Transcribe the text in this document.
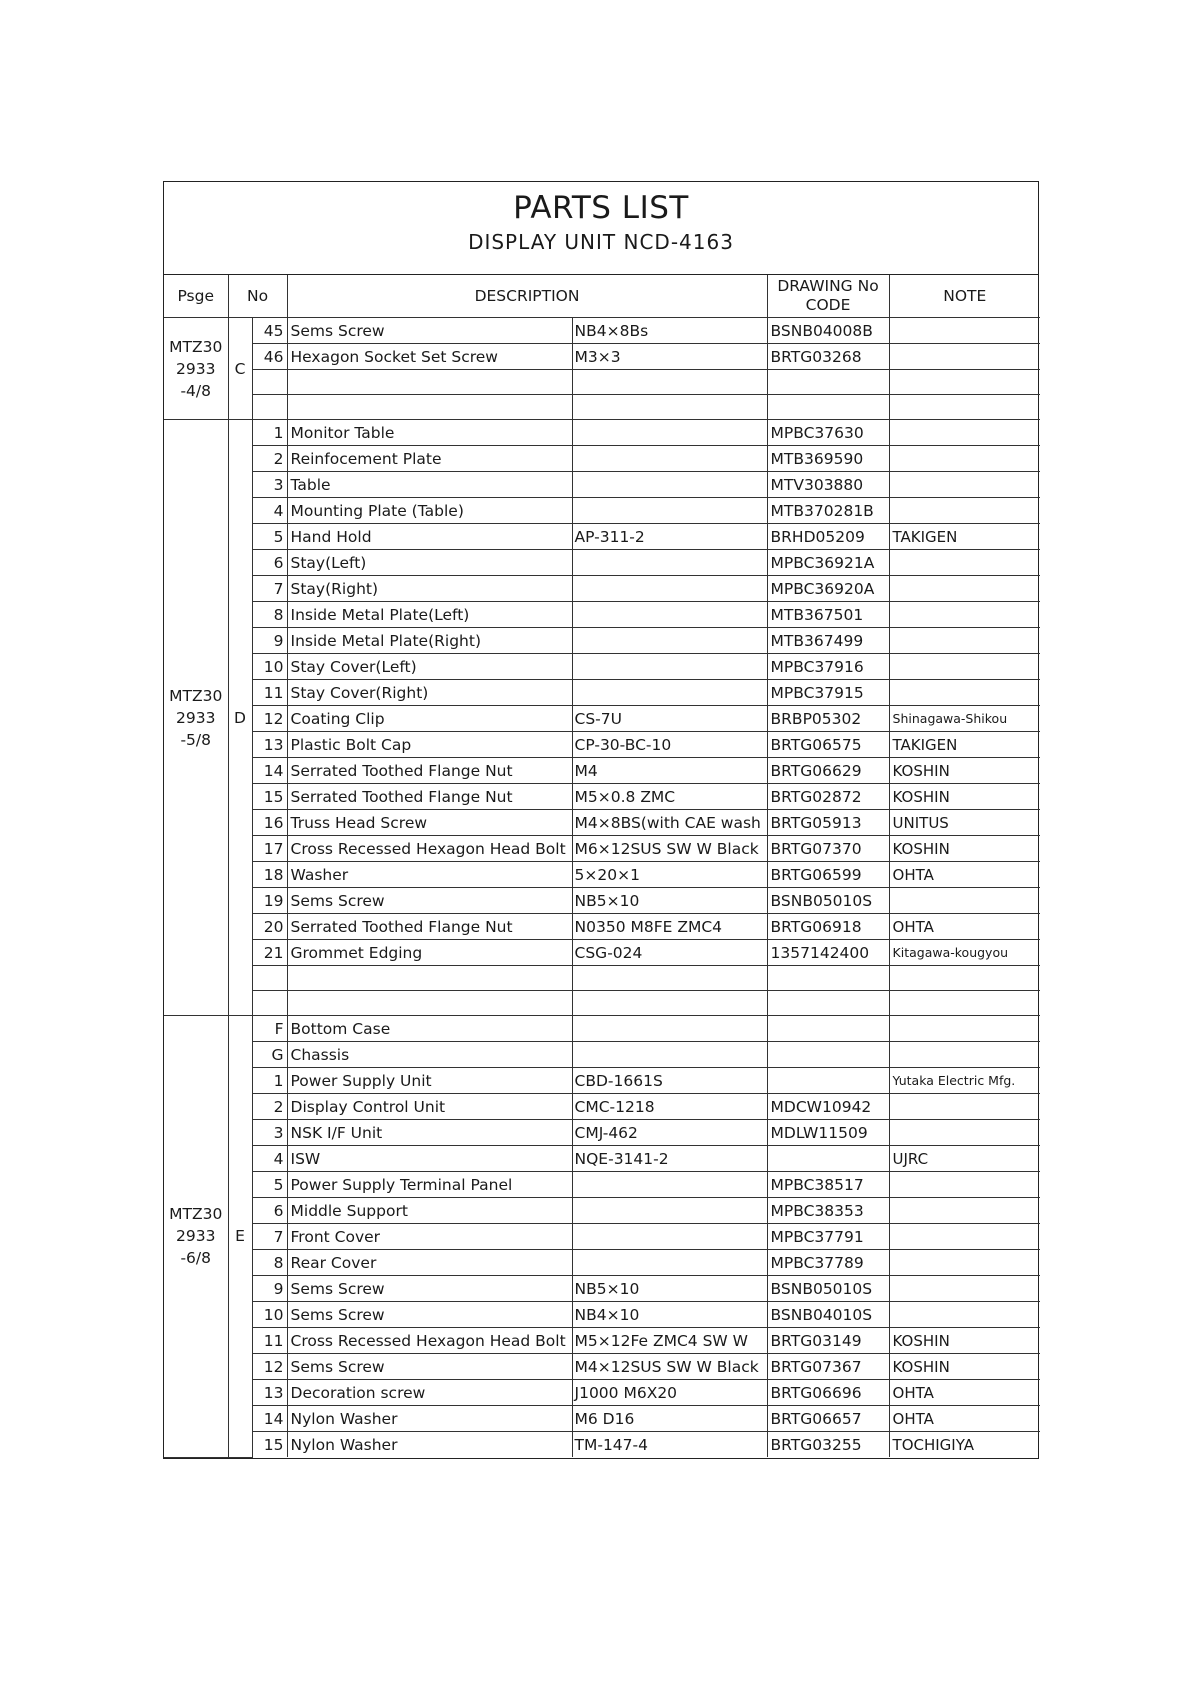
PARTS LIST
DISPLAY UNIT NCD-4163
Psge	No		DESCRIPTION		DRAWING No
CODE	NOTE

MTZ30
2933
-4/8	C	45	Sems Screw	NB4×8Bs	BSNB04008B	
		46	Hexagon Socket Set Screw	M3×3	BRTG03268	

MTZ30
2933
-5/8	D	1	Monitor Table		MPBC37630	
		2	Reinfocement Plate		MTB369590	
		3	Table		MTV303880	
		4	Mounting Plate (Table)		MTB370281B	
		5	Hand Hold	AP-311-2	BRHD05209	TAKIGEN
		6	Stay(Left)		MPBC36921A	
		7	Stay(Right)		MPBC36920A	
		8	Inside Metal Plate(Left)		MTB367501	
		9	Inside Metal Plate(Right)		MTB367499	
		10	Stay Cover(Left)		MPBC37916	
		11	Stay Cover(Right)		MPBC37915	
		12	Coating Clip	CS-7U	BRBP05302	Shinagawa-Shikou
		13	Plastic Bolt Cap	CP-30-BC-10	BRTG06575	TAKIGEN
		14	Serrated Toothed Flange Nut	M4	BRTG06629	KOSHIN
		15	Serrated Toothed Flange Nut	M5×0.8 ZMC	BRTG02872	KOSHIN
		16	Truss Head Screw	M4×8BS(with CAE wash	BRTG05913	UNITUS
		17	Cross Recessed Hexagon Head Bolt	M6×12SUS SW W Black	BRTG07370	KOSHIN
		18	Washer	5×20×1	BRTG06599	OHTA
		19	Sems Screw	NB5×10	BSNB05010S	
		20	Serrated Toothed Flange Nut	N0350 M8FE ZMC4	BRTG06918	OHTA
		21	Grommet Edging	CSG-024	1357142400	Kitagawa-kougyou

MTZ30
2933
-6/8	E	F	Bottom Case			
		G	Chassis			
		1	Power Supply Unit	CBD-1661S		Yutaka Electric Mfg.
		2	Display Control Unit	CMC-1218	MDCW10942	
		3	NSK I/F Unit	CMJ-462	MDLW11509	
		4	ISW	NQE-3141-2		UJRC
		5	Power Supply Terminal Panel		MPBC38517	
		6	Middle Support		MPBC38353	
		7	Front Cover		MPBC37791	
		8	Rear Cover		MPBC37789	
		9	Sems Screw	NB5×10	BSNB05010S	
		10	Sems Screw	NB4×10	BSNB04010S	
		11	Cross Recessed Hexagon Head Bolt	M5×12Fe ZMC4 SW W	BRTG03149	KOSHIN
		12	Sems Screw	M4×12SUS SW W Black	BRTG07367	KOSHIN
		13	Decoration screw	J1000 M6X20	BRTG06696	OHTA
		14	Nylon Washer	M6 D16	BRTG06657	OHTA
		15	Nylon Washer	TM-147-4	BRTG03255	TOCHIGIYA
